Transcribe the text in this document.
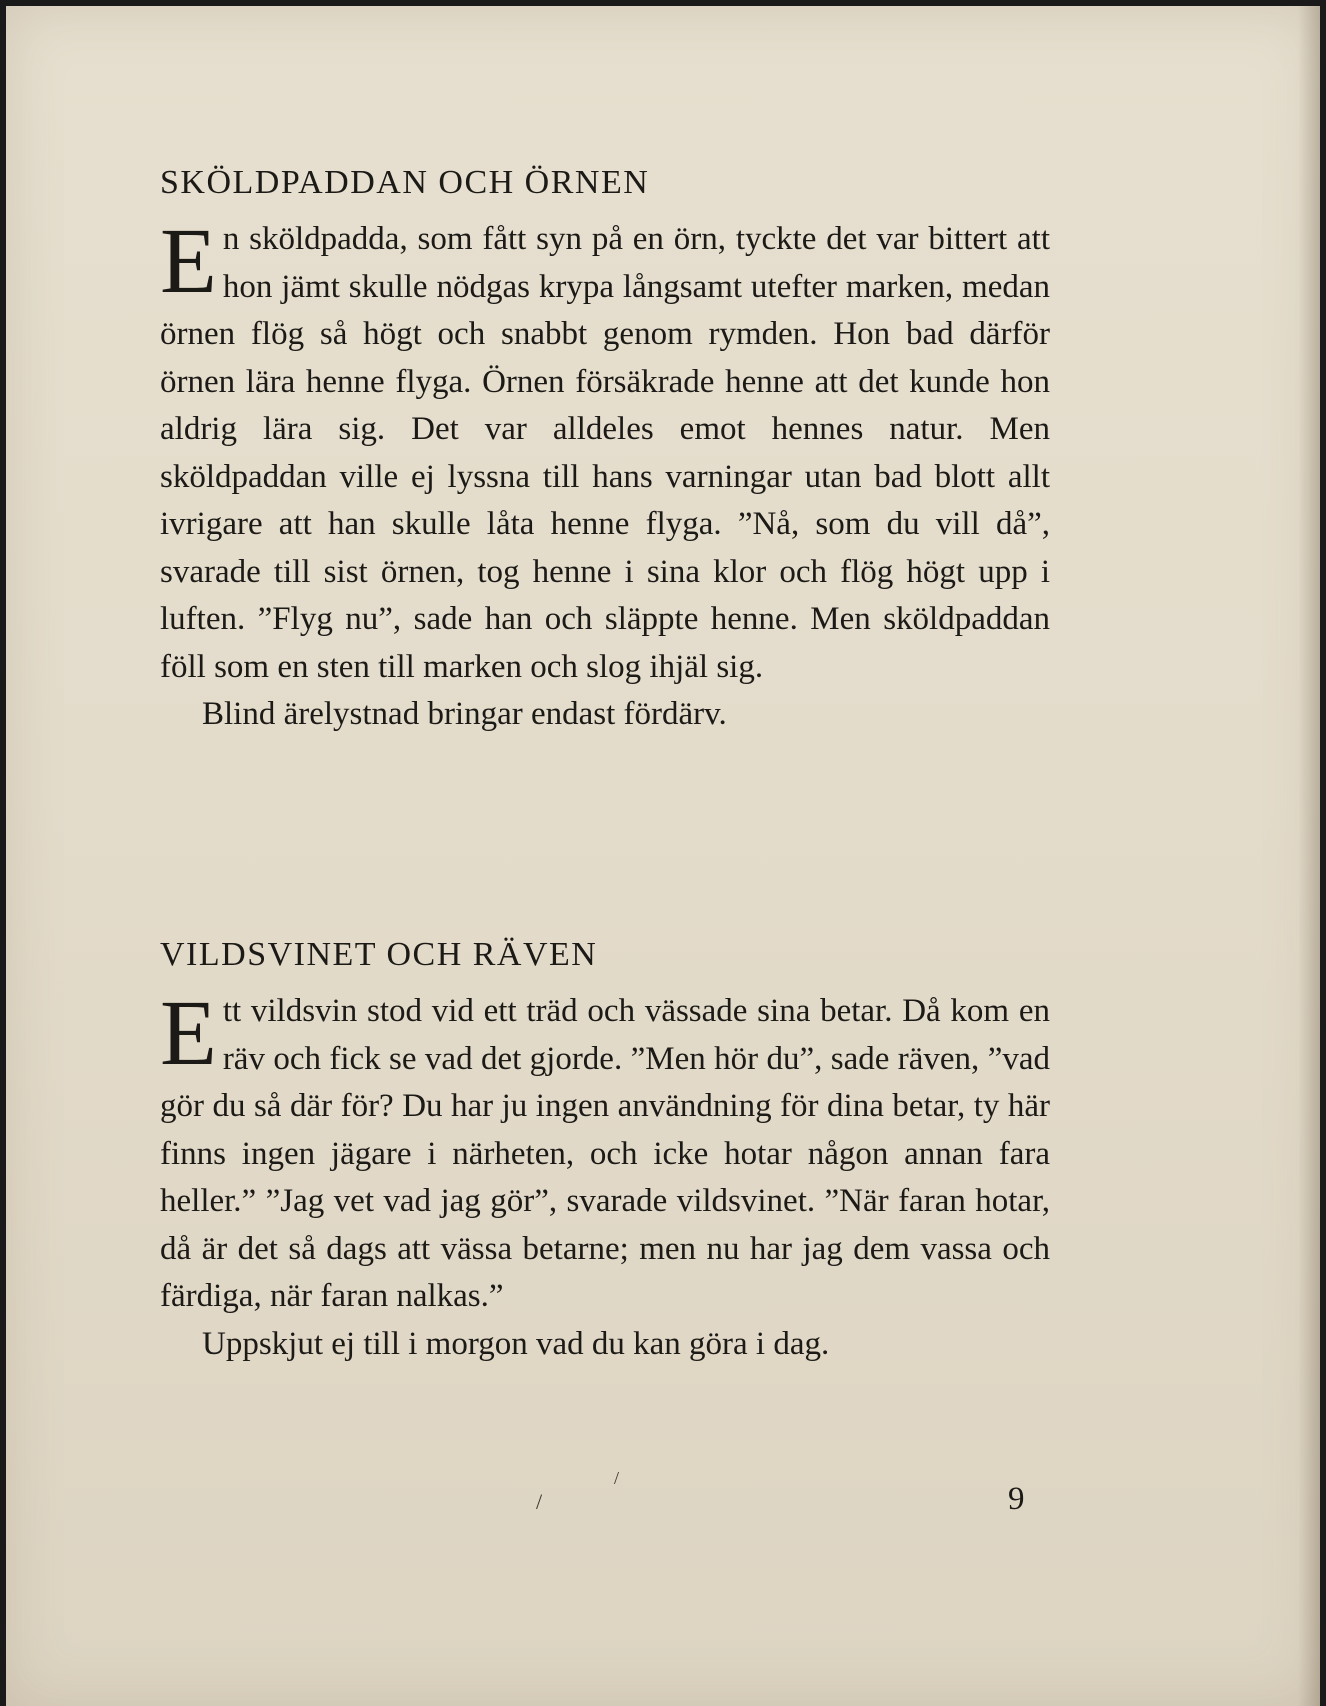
SKÖLDPADDAN OCH ÖRNEN

En sköldpadda, som fått syn på en örn, tyckte det var bittert att hon jämt skulle nödgas krypa långsamt utefter marken, medan örnen flög så högt och snabbt genom rymden. Hon bad därför örnen lära henne flyga. Örnen försäkrade henne att det kunde hon aldrig lära sig. Det var alldeles emot hennes natur. Men sköldpaddan ville ej lyssna till hans varningar utan bad blott allt ivrigare att han skulle låta henne flyga. ”Nå, som du vill då”, svarade till sist örnen, tog henne i sina klor och flög högt upp i luften. ”Flyg nu”, sade han och släppte henne. Men sköldpaddan föll som en sten till marken och slog ihjäl sig.

Blind ärelystnad bringar endast fördärv.

VILDSVINET OCH RÄVEN

Ett vildsvin stod vid ett träd och vässade sina betar. Då kom en räv och fick se vad det gjorde. ”Men hör du”, sade räven, ”vad gör du så där för? Du har ju ingen användning för dina betar, ty här finns ingen jägare i närheten, och icke hotar någon annan fara heller.” ”Jag vet vad jag gör”, svarade vildsvinet. ”När faran hotar, då är det så dags att vässa betarne; men nu har jag dem vassa och färdiga, när faran nalkas.”

Uppskjut ej till i morgon vad du kan göra i dag.

9
/
/
